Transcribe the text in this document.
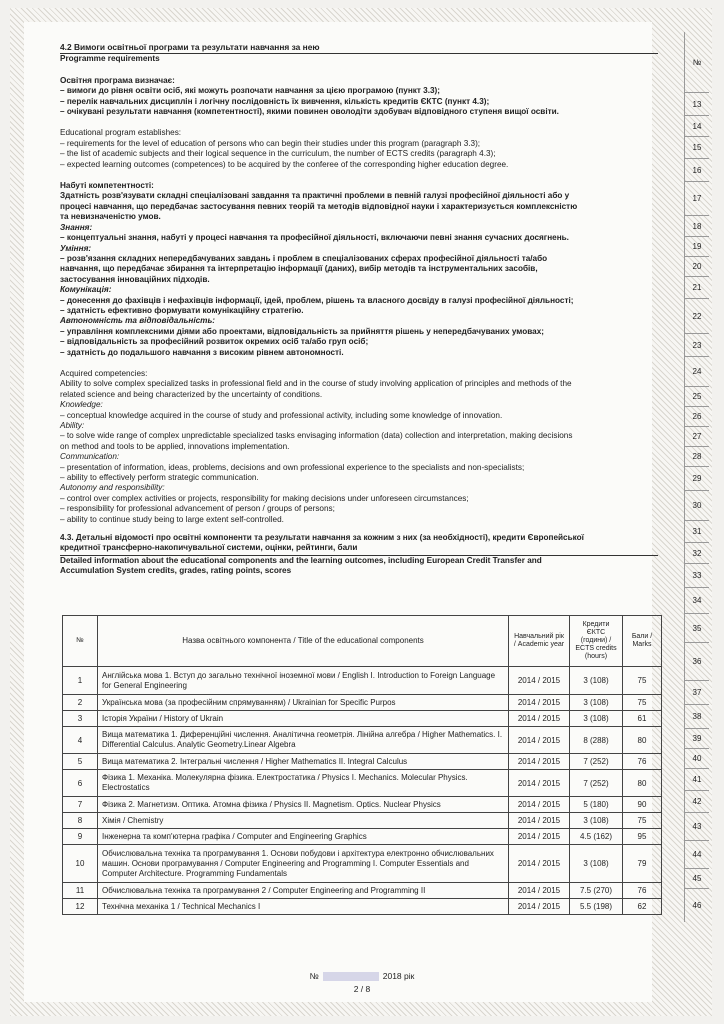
№
13
14
15
16
17
18
19
20
21
22
23
24
25
26
27
28
29
30
31
32
33
34
35
36
37
38
39
40
41
42
43
44
45
46
4.2 Вимоги освітньої програми та результати навчання за нею
Programme requirements
Освітня програма визначає:
– вимоги до рівня освіти осіб, які можуть розпочати навчання за цією програмою (пункт 3.3);
– перелік навчальних дисциплін і логічну послідовність їх вивчення, кількість кредитів ЄКТС (пункт 4.3);
– очікувані результати навчання (компетентності), якими повинен оволодіти здобувач відповідного ступеня вищої освіти.
Educational program establishes:
– requirements for the level of education of persons who can begin their studies under this program (paragraph 3.3);
– the list of academic subjects and their logical sequence in the curriculum, the number of ECTS credits (paragraph 4.3);
– expected learning outcomes (competences) to be acquired by the conferee of the corresponding higher education degree.
Набуті компетентності:
Здатність розв'язувати складні спеціалізовані завдання та практичні проблеми в певній галузі професійної діяльності або у
процесі навчання, що передбачає застосування певних теорій та методів відповідної науки і характеризується комплексністю
та невизначеністю умов.
Знання:
– концептуальні знання, набуті у процесі навчання та професійної діяльності, включаючи певні знання сучасних досягнень.
Уміння:
– розв'язання складних непередбачуваних завдань і проблем в спеціалізованих сферах професійної діяльності та/або
навчання, що передбачає збирання та інтерпретацію інформації (даних), вибір методів та інструментальних засобів,
застосування інноваційних підходів.
Комунікація:
– донесення до фахівців і нефахівців інформації, ідей, проблем, рішень та власного досвіду в галузі професійної діяльності;
– здатність ефективно формувати комунікаційну стратегію.
Автономність та відповідальність:
– управління комплексними діями або проектами, відповідальність за прийняття рішень у непередбачуваних умовах;
– відповідальність за професійний розвиток окремих осіб та/або груп осіб;
– здатність до подальшого навчання з високим рівнем автономності.
Acquired competencies:
Ability to solve complex specialized tasks in professional field and in the course of study involving application of principles and methods of the
related science and being characterized by the uncertainty of conditions.
Knowledge:
– conceptual knowledge acquired in the course of study and professional activity, including some knowledge of innovation.
Ability:
– to solve wide range of complex unpredictable specialized tasks envisaging information (data) collection and interpretation, making decisions
on method and tools to be applied, innovations implementation.
Communication:
– presentation of information, ideas, problems, decisions and own professional experience to the specialists and non-specialists;
– ability to effectively perform strategic communication.
Autonomy and responsibility:
– control over complex activities or projects, responsibility for making decisions under unforeseen circumstances;
– responsibility for professional advancement of person / groups of persons;
– ability to continue study being to large extent self-controlled.
4.3. Детальні відомості про освітні компоненти та результати навчання за кожним з них (за необхідності), кредити Європейської
кредитної трансферно-накопичувальної системи, оцінки, рейтинги, бали
Detailed information about the educational components and the learning outcomes, including European Credit Transfer and
Accumulation System credits, grades, rating points, scores
№	Назва освітнього компонента / Title of the educational components	Навчальний рік / Academic year	Кредити ЄКТС (години) / ECTS credits (hours)	Бали / Marks
1	Англійська мова 1. Вступ до загально технічної іноземної мови / English I. Introduction to Foreign Language for General Engineering	2014 / 2015	3 (108)	75
2	Українська мова (за професійним спрямуванням) / Ukrainian for Specific Purpos	2014 / 2015	3 (108)	75
3	Історія України / History of Ukrain	2014 / 2015	3 (108)	61
4	Вища математика 1. Диференційні числення. Аналітична геометрія. Лінійна алгебра / Higher Mathematics. I. Differential Calculus. Analytic Geometry.Linear Algebra	2014 / 2015	8 (288)	80
5	Вища математика 2. Інтегральні числення / Higher Mathematics II. Integral Calculus	2014 / 2015	7 (252)	76
6	Фізика 1. Механіка. Молекулярна фізика. Електростатика / Physics I. Mechanics. Molecular Physics. Electrostatics	2014 / 2015	7 (252)	80
7	Фізика 2. Магнетизм. Оптика. Атомна фізика / Physics II. Magnetism. Optics. Nuclear Physics	2014 / 2015	5 (180)	90
8	Хімія / Chemistry	2014 / 2015	3 (108)	75
9	Інженерна та комп'ютерна графіка / Computer and Engineering Graphics	2014 / 2015	4.5 (162)	95
10	Обчислювальна техніка та програмування 1. Основи побудови і архітектура електронно обчислювальних машин. Основи програмування / Computer Engineering and Programming I. Computer Essentials and Computer Architecture. Programming Fundamentals	2014 / 2015	3 (108)	79
11	Обчислювальна техніка та програмування 2 / Computer Engineering and Programming II	2014 / 2015	7.5 (270)	76
12	Технічна механіка 1 / Technical Mechanics I	2014 / 2015	5.5 (198)	62
№	2018 рік
2 / 8
